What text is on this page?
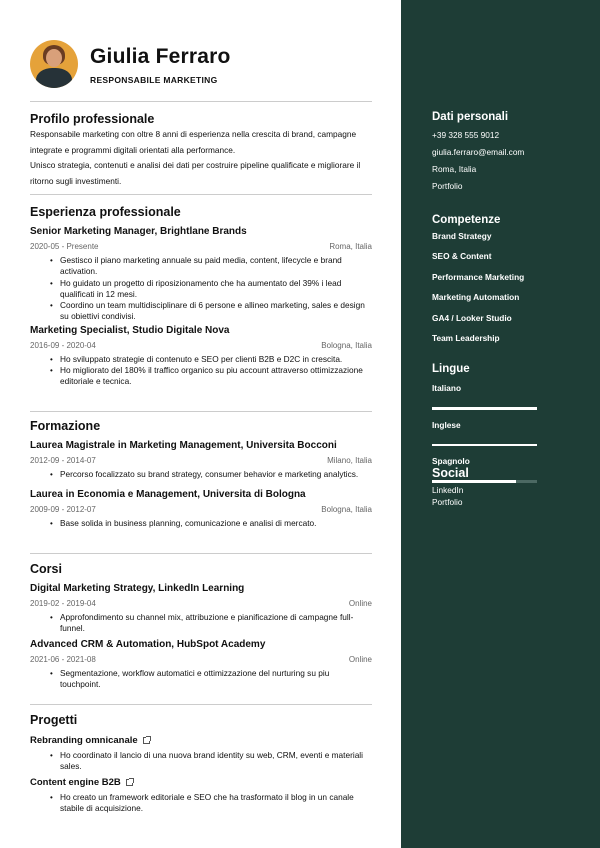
Giulia Ferraro
RESPONSABILE MARKETING
Profilo professionale
Responsabile marketing con oltre 8 anni di esperienza nella crescita di brand, campagne integrate e programmi digitali orientati alla performance.
Unisco strategia, contenuti e analisi dei dati per costruire pipeline qualificate e migliorare il ritorno sugli investimenti.
Esperienza professionale
Senior Marketing Manager, Brightlane Brands
2020-05 - Presente	Roma, Italia
• Gestisco il piano marketing annuale su paid media, content, lifecycle e brand activation.
• Ho guidato un progetto di riposizionamento che ha aumentato del 39% i lead qualificati in 12 mesi.
• Coordino un team multidisciplinare di 6 persone e allineo marketing, sales e design su obiettivi condivisi.
Marketing Specialist, Studio Digitale Nova
2016-09 - 2020-04	Bologna, Italia
• Ho sviluppato strategie di contenuto e SEO per clienti B2B e D2C in crescita.
• Ho migliorato del 180% il traffico organico su piu account attraverso ottimizzazione editoriale e tecnica.
Formazione
Laurea Magistrale in Marketing Management, Universita Bocconi
2012-09 - 2014-07	Milano, Italia
• Percorso focalizzato su brand strategy, consumer behavior e marketing analytics.
Laurea in Economia e Management, Universita di Bologna
2009-09 - 2012-07	Bologna, Italia
• Base solida in business planning, comunicazione e analisi di mercato.
Corsi
Digital Marketing Strategy, LinkedIn Learning
2019-02 - 2019-04	Online
• Approfondimento su channel mix, attribuzione e pianificazione di campagne full-funnel.
Advanced CRM & Automation, HubSpot Academy
2021-06 - 2021-08	Online
• Segmentazione, workflow automatici e ottimizzazione del nurturing su piu touchpoint.
Progetti
Rebranding omnicanale
• Ho coordinato il lancio di una nuova brand identity su web, CRM, eventi e materiali sales.
Content engine B2B
• Ho creato un framework editoriale e SEO che ha trasformato il blog in un canale stabile di acquisizione.
Dati personali
+39 328 555 9012
giulia.ferraro@email.com
Roma, Italia
Portfolio
Competenze
Brand Strategy
SEO & Content
Performance Marketing
Marketing Automation
GA4 / Looker Studio
Team Leadership
Lingue
Italiano
Inglese
Spagnolo
Social
LinkedIn
Portfolio
